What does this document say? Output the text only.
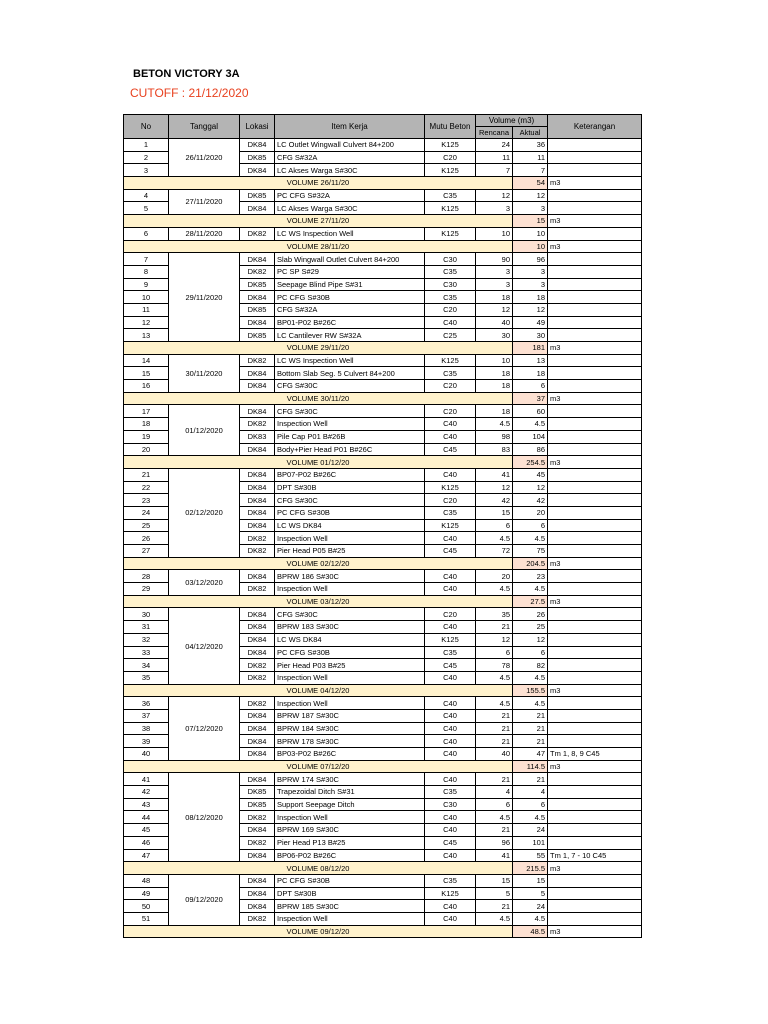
BETON VICTORY 3A
CUTOFF : 21/12/2020
No	Tanggal	Lokasi	Item Kerja	Mutu Beton	Volume (m3)		Keterangan
					Rencana	Aktual	
1	26/11/2020	DK84	LC Outlet Wingwall Culvert 84+200	K125	24	36	
2		DK85	CFG S#32A	C20	11	11	
3		DK84	LC Akses Warga S#30C	K125	7	7	
VOLUME 26/11/20						54	m3
4	27/11/2020	DK85	PC CFG S#32A	C35	12	12	
5		DK84	LC Akses Warga S#30C	K125	3	3	
VOLUME 27/11/20						15	m3
6	28/11/2020	DK82	LC WS Inspection Well	K125	10	10	
VOLUME 28/11/20						10	m3
7	29/11/2020	DK84	Slab Wingwall Outlet Culvert 84+200	C30	90	96	
8		DK82	PC SP S#29	C35	3	3	
9		DK85	Seepage Blind Pipe S#31	C30	3	3	
10		DK84	PC CFG S#30B	C35	18	18	
11		DK85	CFG S#32A	C20	12	12	
12		DK84	BP01-P02 B#26C	C40	40	49	
13		DK85	LC Cantilever RW S#32A	C25	30	30	
VOLUME 29/11/20						181	m3
14	30/11/2020	DK82	LC WS Inspection Well	K125	10	13	
15		DK84	Bottom Slab Seg. 5 Culvert 84+200	C35	18	18	
16		DK84	CFG S#30C	C20	18	6	
VOLUME 30/11/20						37	m3
17	01/12/2020	DK84	CFG S#30C	C20	18	60	
18		DK82	Inspection Well	C40	4.5	4.5	
19		DK83	Pile Cap P01 B#26B	C40	98	104	
20		DK84	Body+Pier Head P01 B#26C	C45	83	86	
VOLUME 01/12/20						254.5	m3
21	02/12/2020	DK84	BP07-P02 B#26C	C40	41	45	
22		DK84	DPT S#30B	K125	12	12	
23		DK84	CFG S#30C	C20	42	42	
24		DK84	PC CFG S#30B	C35	15	20	
25		DK84	LC WS DK84	K125	6	6	
26		DK82	Inspection Well	C40	4.5	4.5	
27		DK82	Pier Head P05 B#25	C45	72	75	
VOLUME 02/12/20						204.5	m3
28	03/12/2020	DK84	BPRW 186 S#30C	C40	20	23	
29		DK82	Inspection Well	C40	4.5	4.5	
VOLUME 03/12/20						27.5	m3
30	04/12/2020	DK84	CFG S#30C	C20	35	26	
31		DK84	BPRW 183 S#30C	C40	21	25	
32		DK84	LC WS DK84	K125	12	12	
33		DK84	PC CFG S#30B	C35	6	6	
34		DK82	Pier Head P03 B#25	C45	78	82	
35		DK82	Inspection Well	C40	4.5	4.5	
VOLUME 04/12/20						155.5	m3
36	07/12/2020	DK82	Inspection Well	C40	4.5	4.5	
37		DK84	BPRW 187 S#30C	C40	21	21	
38		DK84	BPRW 184 S#30C	C40	21	21	
39		DK84	BPRW 178 S#30C	C40	21	21	
40		DK84	BP03-P02 B#26C	C40	40	47	Tm 1, 8, 9 C45
VOLUME 07/12/20						114.5	m3
41	08/12/2020	DK84	BPRW 174 S#30C	C40	21	21	
42		DK85	Trapezoidal Ditch S#31	C35	4	4	
43		DK85	Support Seepage Ditch	C30	6	6	
44		DK82	Inspection Well	C40	4.5	4.5	
45		DK84	BPRW 169 S#30C	C40	21	24	
46		DK82	Pier Head P13 B#25	C45	96	101	
47		DK84	BP06-P02 B#26C	C40	41	55	Tm 1, 7 - 10 C45
VOLUME 08/12/20						215.5	m3
48	09/12/2020	DK84	PC CFG S#30B	C35	15	15	
49		DK84	DPT S#30B	K125	5	5	
50		DK84	BPRW 185 S#30C	C40	21	24	
51		DK82	Inspection Well	C40	4.5	4.5	
VOLUME 09/12/20						48.5	m3
